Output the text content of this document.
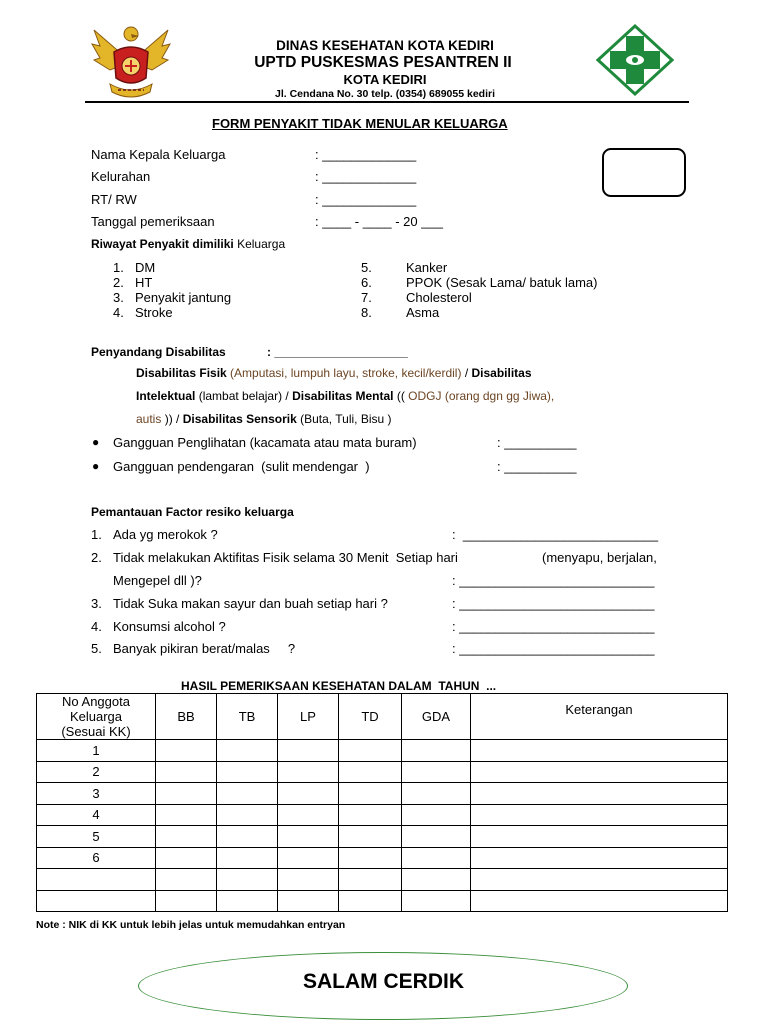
DINAS KESEHATAN KOTA KEDIRI
UPTD PUSKESMAS PESANTREN II
KOTA KEDIRI
Jl. Cendana No. 30 telp. (0354) 689055 kediri
FORM PENYAKIT TIDAK MENULAR KELUARGA
Nama Kepala Keluarga	: _____________
Kelurahan	: _____________
RT/ RW	: _____________
Tanggal pemeriksaan	: ____ - ____ - 20 ___
Riwayat Penyakit dimiliki Keluarga
1. DM
2. HT
3. Penyakit jantung
4. Stroke
5.	Kanker
6.	PPOK (Sesak Lama/ batuk lama)
7.	Cholesterol
8.	Asma
Penyandang Disabilitas	: ____________________
Disabilitas Fisik (Amputasi, lumpuh layu, stroke, kecil/kerdil) / Disabilitas
Intelektual (lambat belajar) / Disabilitas Mental (( ODGJ (orang dgn gg Jiwa),
autis )) / Disabilitas Sensorik (Buta, Tuli, Bisu )
● Gangguan Penglihatan (kacamata atau mata buram)	: __________
● Gangguan pendengaran  (sulit mendengar  )	: __________
Pemantauan Factor resiko keluarga
1. Ada yg merokok ?	:  ___________________________
2. Tidak melakukan Aktifitas Fisik selama 30 Menit  Setiap hari	(menyapu, berjalan,
Mengepel dll )?	: ___________________________
3. Tidak Suka makan sayur dan buah setiap hari ?	: ___________________________
4. Konsumsi alcohol ?	: ___________________________
5. Banyak pikiran berat/malas     ?	: ___________________________
HASIL PEMERIKSAAN KESEHATAN DALAM  TAHUN  ...
No Anggota
Keluarga
(Sesuai KK)	BB	TB	LP	TD	GDA	Keterangan
1						
2						
3						
4						
5						
6						

Note : NIK di KK untuk lebih jelas untuk memudahkan entryan
SALAM CERDIK
